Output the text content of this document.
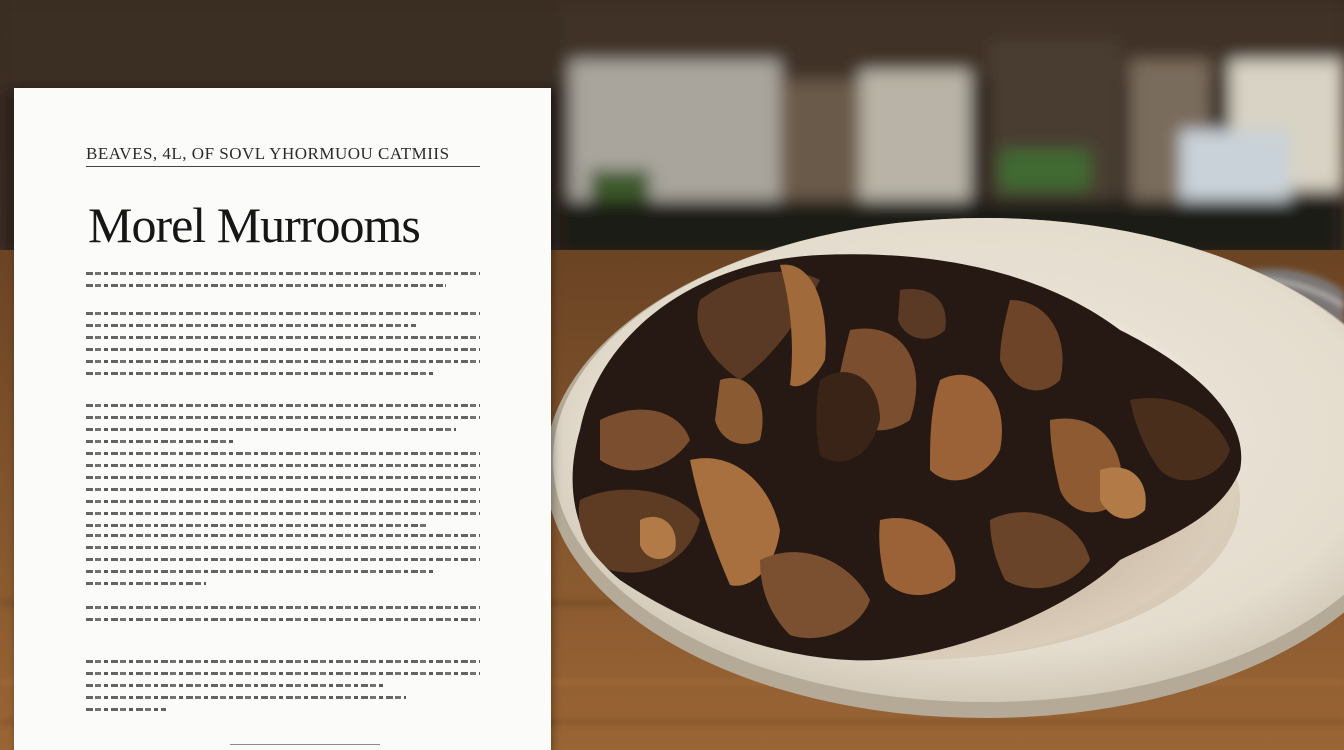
BEAVES, 4L, OF SOVL YHORMUOU CATMIIS
Morel Murrooms
